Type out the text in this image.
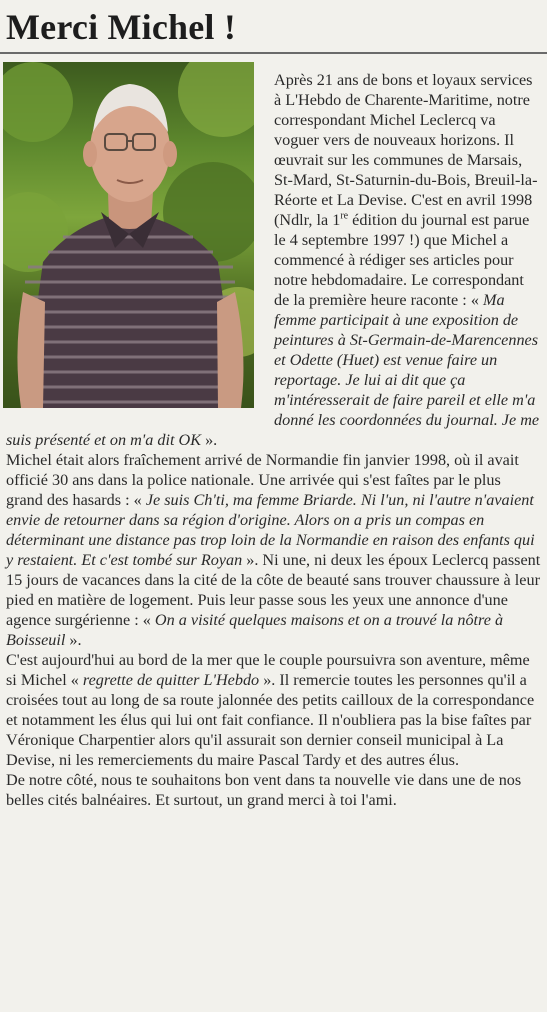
Merci Michel !

Après 21 ans de bons et loyaux services à L'Hebdo de Charente-Maritime, notre correspondant Michel Leclercq va voguer vers de nouveaux horizons. Il œuvrait sur les communes de Marsais, St-Mard, St-Saturnin-du-Bois, Breuil-la-Réorte et La Devise. C'est en avril 1998 (Ndlr, la 1re édition du journal est parue le 4 septembre 1997 !) que Michel a commencé à rédiger ses articles pour notre hebdomadaire. Le correspondant de la première heure raconte : « Ma femme participait à une exposition de peintures à St-Germain-de-Marencennes et Odette (Huet) est venue faire un reportage. Je lui ai dit que ça m'intéresserait de faire pareil et elle m'a donné les coordonnées du journal. Je me suis présenté et on m'a dit OK ».

Michel était alors fraîchement arrivé de Normandie fin janvier 1998, où il avait officié 30 ans dans la police nationale. Une arrivée qui s'est faîtes par le plus grand des hasards : « Je suis Ch'ti, ma femme Briarde. Ni l'un, ni l'autre n'avaient envie de retourner dans sa région d'origine. Alors on a pris un compas en déterminant une distance pas trop loin de la Normandie en raison des enfants qui y restaient. Et c'est tombé sur Royan ». Ni une, ni deux les époux Leclercq passent 15 jours de vacances dans la cité de la côte de beauté sans trouver chaussure à leur pied en matière de logement. Puis leur passe sous les yeux une annonce d'une agence surgérienne : « On a visité quelques maisons et on a trouvé la nôtre à Boisseuil ».

C'est aujourd'hui au bord de la mer que le couple poursuivra son aventure, même si Michel « regrette de quitter L'Hebdo ». Il remercie toutes les personnes qu'il a croisées tout au long de sa route jalonnée des petits cailloux de la correspondance et notamment les élus qui lui ont fait confiance. Il n'oubliera pas la bise faîtes par Véronique Charpentier alors qu'il assurait son dernier conseil municipal à La Devise, ni les remerciements du maire Pascal Tardy et des autres élus.

De notre côté, nous te souhaitons bon vent dans ta nouvelle vie dans une de nos belles cités balnéaires. Et surtout, un grand merci à toi l'ami.
